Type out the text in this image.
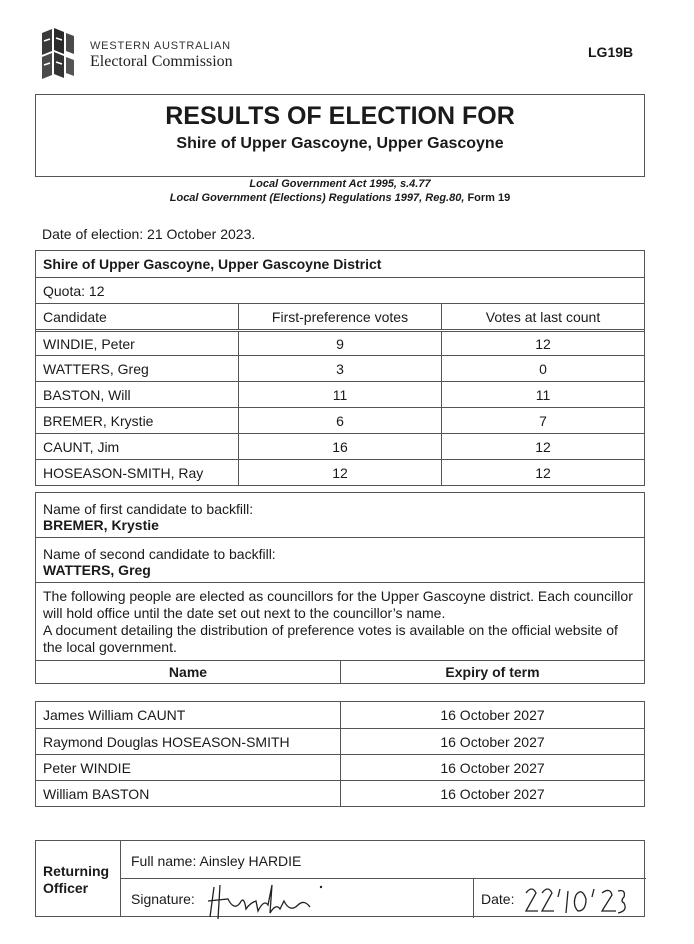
WESTERN AUSTRALIAN
Electoral Commission
LG19B
RESULTS OF ELECTION FOR
Shire of Upper Gascoyne, Upper Gascoyne
Local Government Act 1995, s.4.77
Local Government (Elections) Regulations 1997, Reg.80, Form 19
Date of election: 21 October 2023.
Shire of Upper Gascoyne, Upper Gascoyne District
Quota: 12
Candidate	First-preference votes	Votes at last count
WINDIE, Peter	9	12
WATTERS, Greg	3	0
BASTON, Will	11	11
BREMER, Krystie	6	7
CAUNT, Jim	16	12
HOSEASON-SMITH, Ray	12	12
Name of first candidate to backfill:
BREMER, Krystie
Name of second candidate to backfill:
WATTERS, Greg
The following people are elected as councillors for the Upper Gascoyne district. Each councillor will hold office until the date set out next to the councillor’s name.
A document detailing the distribution of preference votes is available on the official website of the local government.
Name	Expiry of term
James William CAUNT	16 October 2027
Raymond Douglas HOSEASON-SMITH	16 October 2027
Peter WINDIE	16 October 2027
William BASTON	16 October 2027
Returning
Officer
Full name: Ainsley HARDIE
Signature:	Date:
